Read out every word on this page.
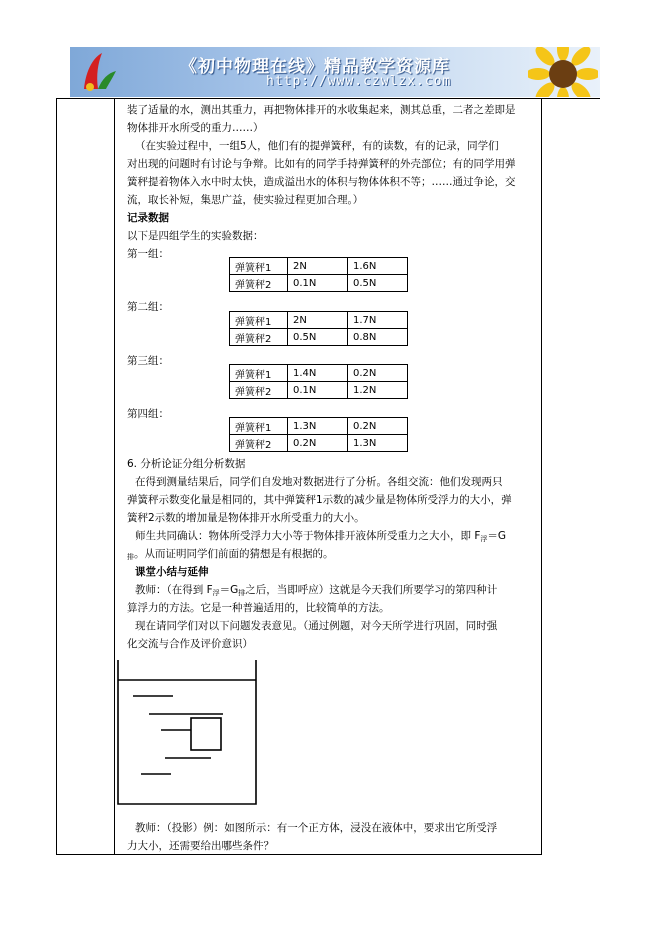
《初中物理在线》精品教学资源库
http://www.czwlzx.com
装了适量的水，测出其重力，再把物体排开的水收集起来，测其总重，二者之差即是
物体排开水所受的重力……）
（在实验过程中，一组5人，他们有的提弹簧秤，有的读数，有的记录，同学们
对出现的问题时有讨论与争辩。比如有的同学手持弹簧秤的外壳部位；有的同学用弹
簧秤提着物体入水中时太快，造成溢出水的体积与物体体积不等；……通过争论，交
流，取长补短，集思广益，使实验过程更加合理。）
记录数据
以下是四组学生的实验数据：
第一组：
弹簧秤1	2N	1.6N
弹簧秤2	0.1N	0.5N
第二组：
弹簧秤1	2N	1.7N
弹簧秤2	0.5N	0.8N
第三组：
弹簧秤1	1.4N	0.2N
弹簧秤2	0.1N	1.2N
第四组：
弹簧秤1	1.3N	0.2N
弹簧秤2	0.2N	1.3N
6. 分析论证分组分析数据
在得到测量结果后，同学们自发地对数据进行了分析。各组交流：他们发现两只
弹簧秤示数变化量是相同的，其中弹簧秤1示数的减少量是物体所受浮力的大小，弹
簧秤2示数的增加量是物体排开水所受重力的大小。
师生共同确认：物体所受浮力大小等于物体排开液体所受重力之大小，即 $F_浮=G$
$_排$。从而证明同学们前面的猜想是有根据的。
课堂小结与延伸
教师：（在得到 $F_浮=G_排$之后，当即呼应）这就是今天我们所要学习的第四种计
算浮力的方法。它是一种普遍适用的，比较简单的方法。
现在请同学们对以下问题发表意见。（通过例题，对今天所学进行巩固，同时强
化交流与合作及评价意识）
教师：（投影）例：如图所示：有一个正方体，浸没在液体中，要求出它所受浮
力大小，还需要给出哪些条件？
